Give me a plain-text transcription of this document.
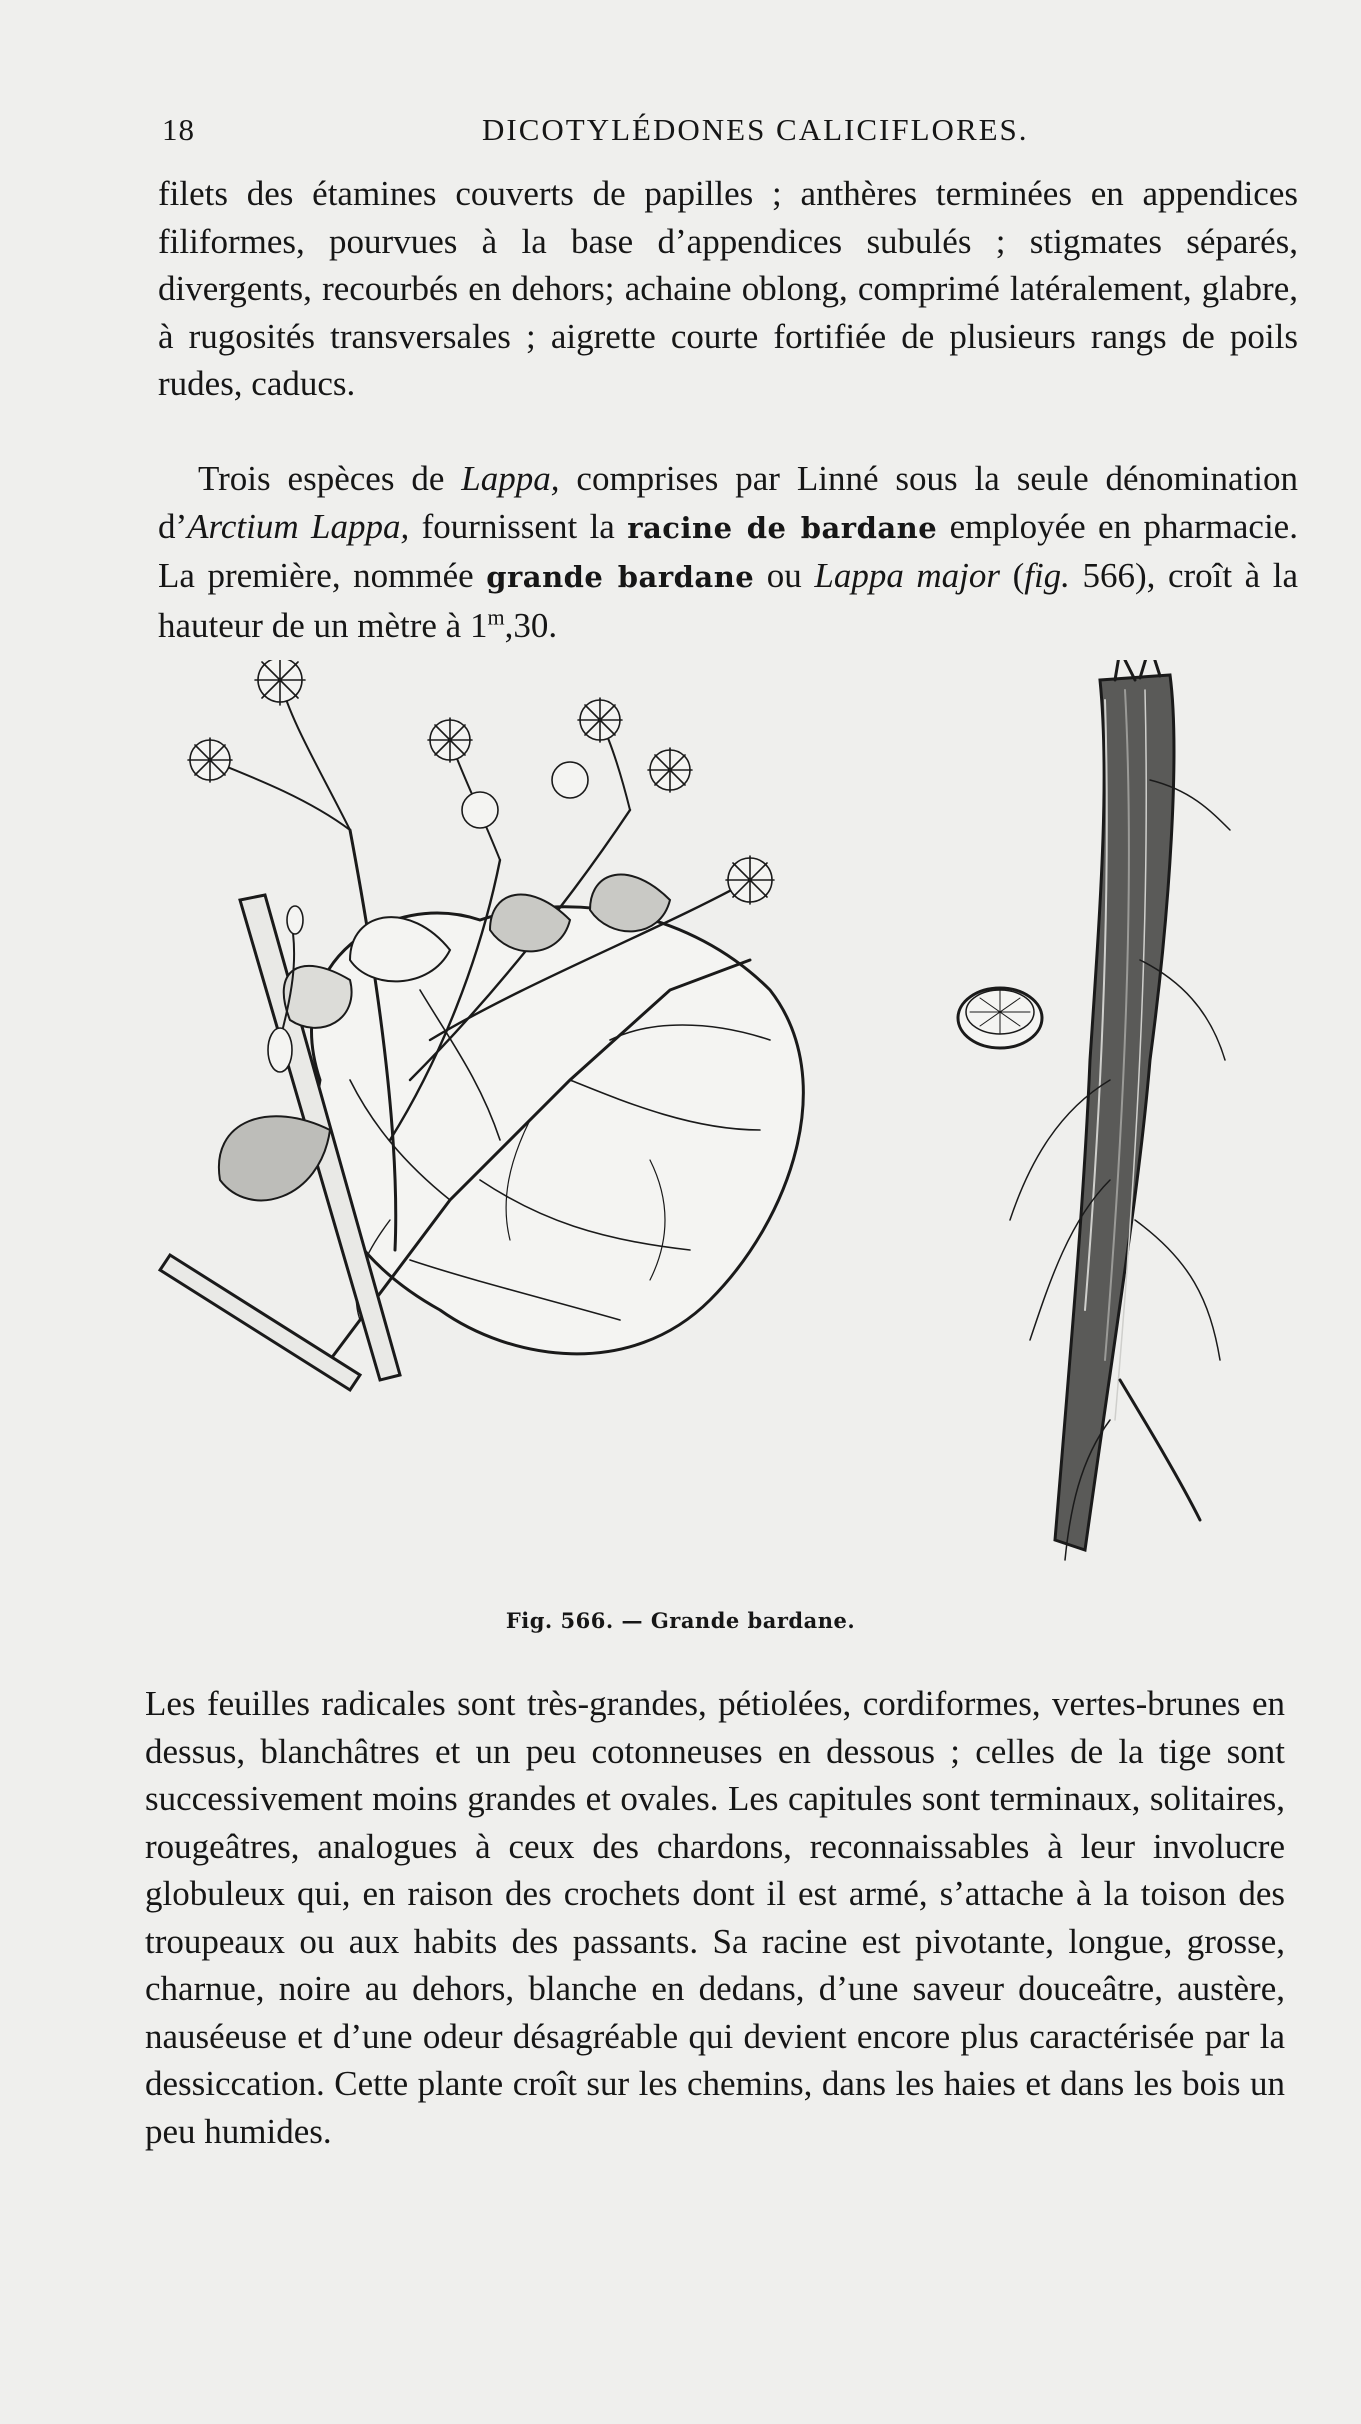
18	DICOTYLÉDONES CALICIFLORES.

filets des étamines couverts de papilles ; anthères terminées en appendices filiformes, pourvues à la base d’appendices subulés ; stigmates séparés, divergents, recourbés en dehors; achaine oblong, comprimé latéralement, glabre, à rugosités transversales ; aigrette courte fortifiée de plusieurs rangs de poils rudes, caducs.

Trois espèces de Lappa, comprises par Linné sous la seule dénomination d’Arctium Lappa, fournissent la racine de bardane employée en pharmacie. La première, nommée grande bardane ou Lappa major (fig. 566), croît à la hauteur de un mètre à 1$^m$,30.

Fig. 566. — Grande bardane.

Les feuilles radicales sont très-grandes, pétiolées, cordiformes, vertes-brunes en dessus, blanchâtres et un peu cotonneuses en dessous ; celles de la tige sont successivement moins grandes et ovales. Les capitules sont terminaux, solitaires, rougeâtres, analogues à ceux des chardons, reconnaissables à leur involucre globuleux qui, en raison des crochets dont il est armé, s’attache à la toison des troupeaux ou aux habits des passants. Sa racine est pivotante, longue, grosse, charnue, noire au dehors, blanche en dedans, d’une saveur douceâtre, austère, nauséeuse et d’une odeur désagréable qui devient encore plus caractérisée par la dessiccation. Cette plante croît sur les chemins, dans les haies et dans les bois un peu humides.
